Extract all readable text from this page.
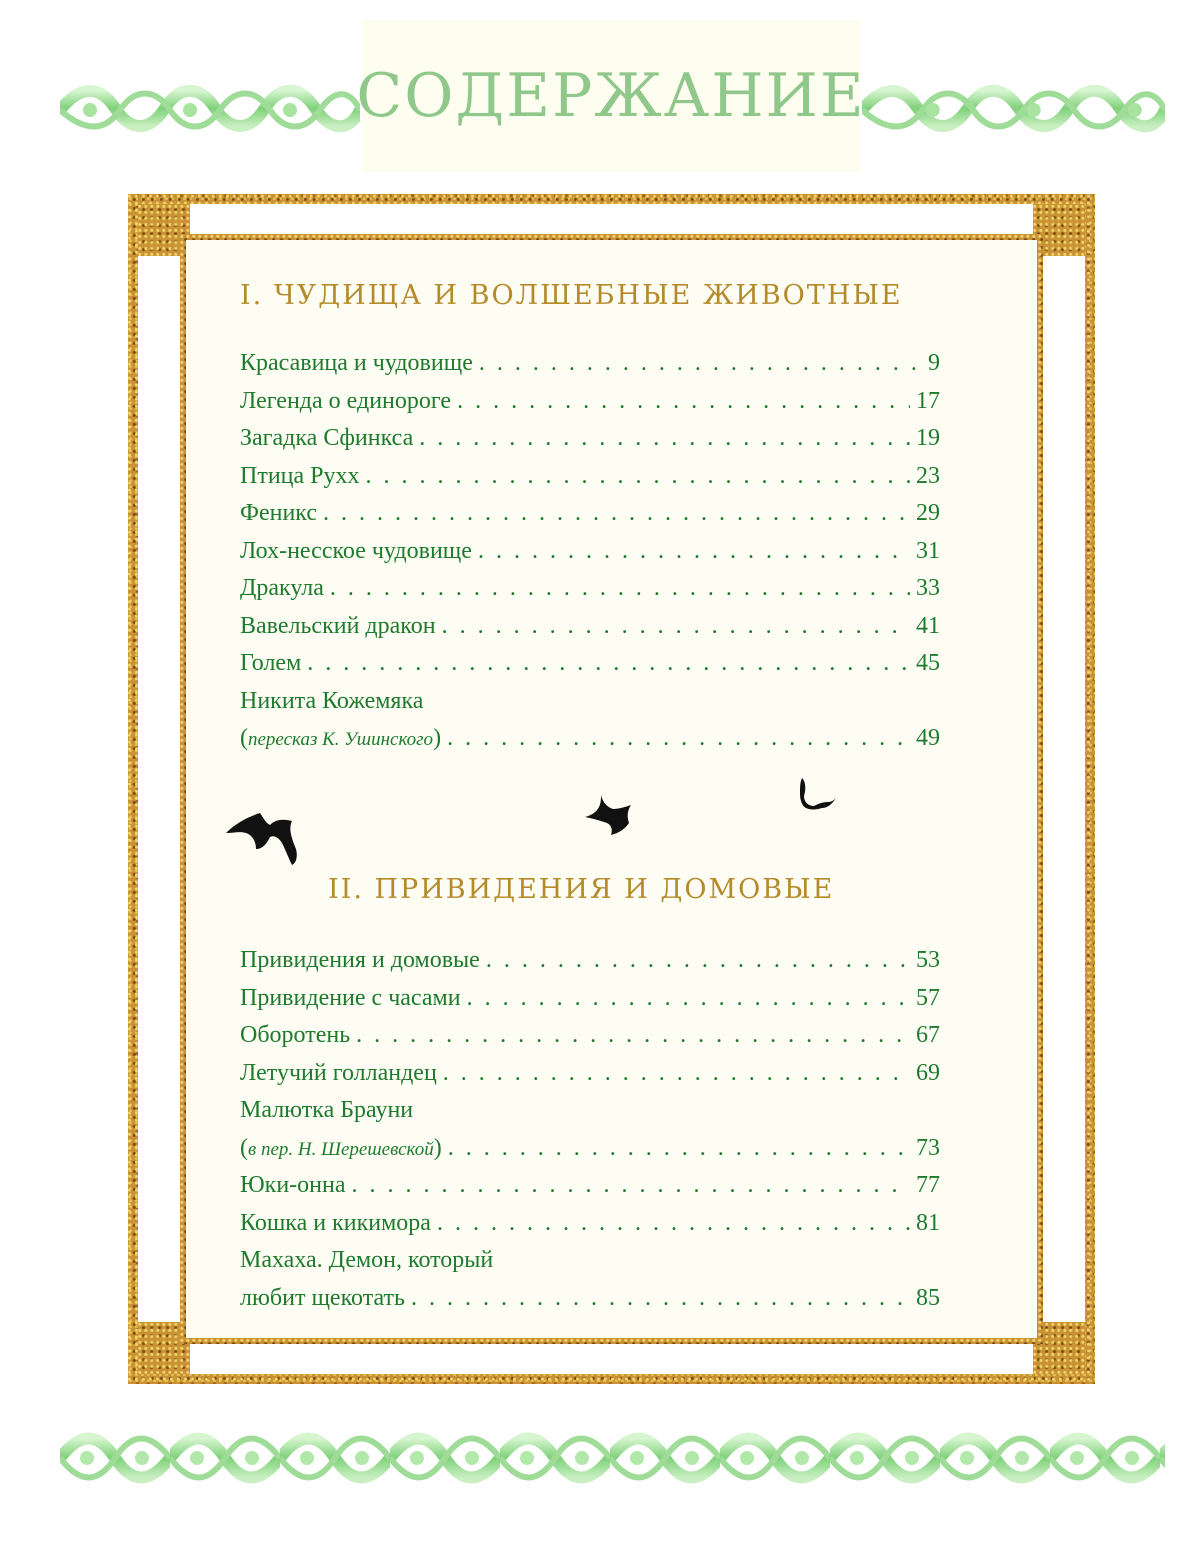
СОДЕРЖАНИЕ
I. ЧУДИЩА И ВОЛШЕБНЫЕ ЖИВОТНЫЕ
Красавица и чудовище . . .	9
Легенда о единороге . . .	17
Загадка Сфинкса . . .	19
Птица Рухх . . .	23
Феникс . . .	29
Лох-несское чудовище . . .	31
Дракула . . .	33
Вавельский дракон . . .	41
Голем . . .	45
Никита Кожемяка
(пересказ К. Ушинского) . . .	49
II. ПРИВИДЕНИЯ И ДОМОВЫЕ
Привидения и домовые . . .	53
Привидение с часами . . .	57
Оборотень . . .	67
Летучий голландец . . .	69
Малютка Брауни
(в пер. Н. Шерешевской) . . .	73
Юки-онна . . .	77
Кошка и кикимора . . .	81
Махаха. Демон, который
любит щекотать . . .	85
